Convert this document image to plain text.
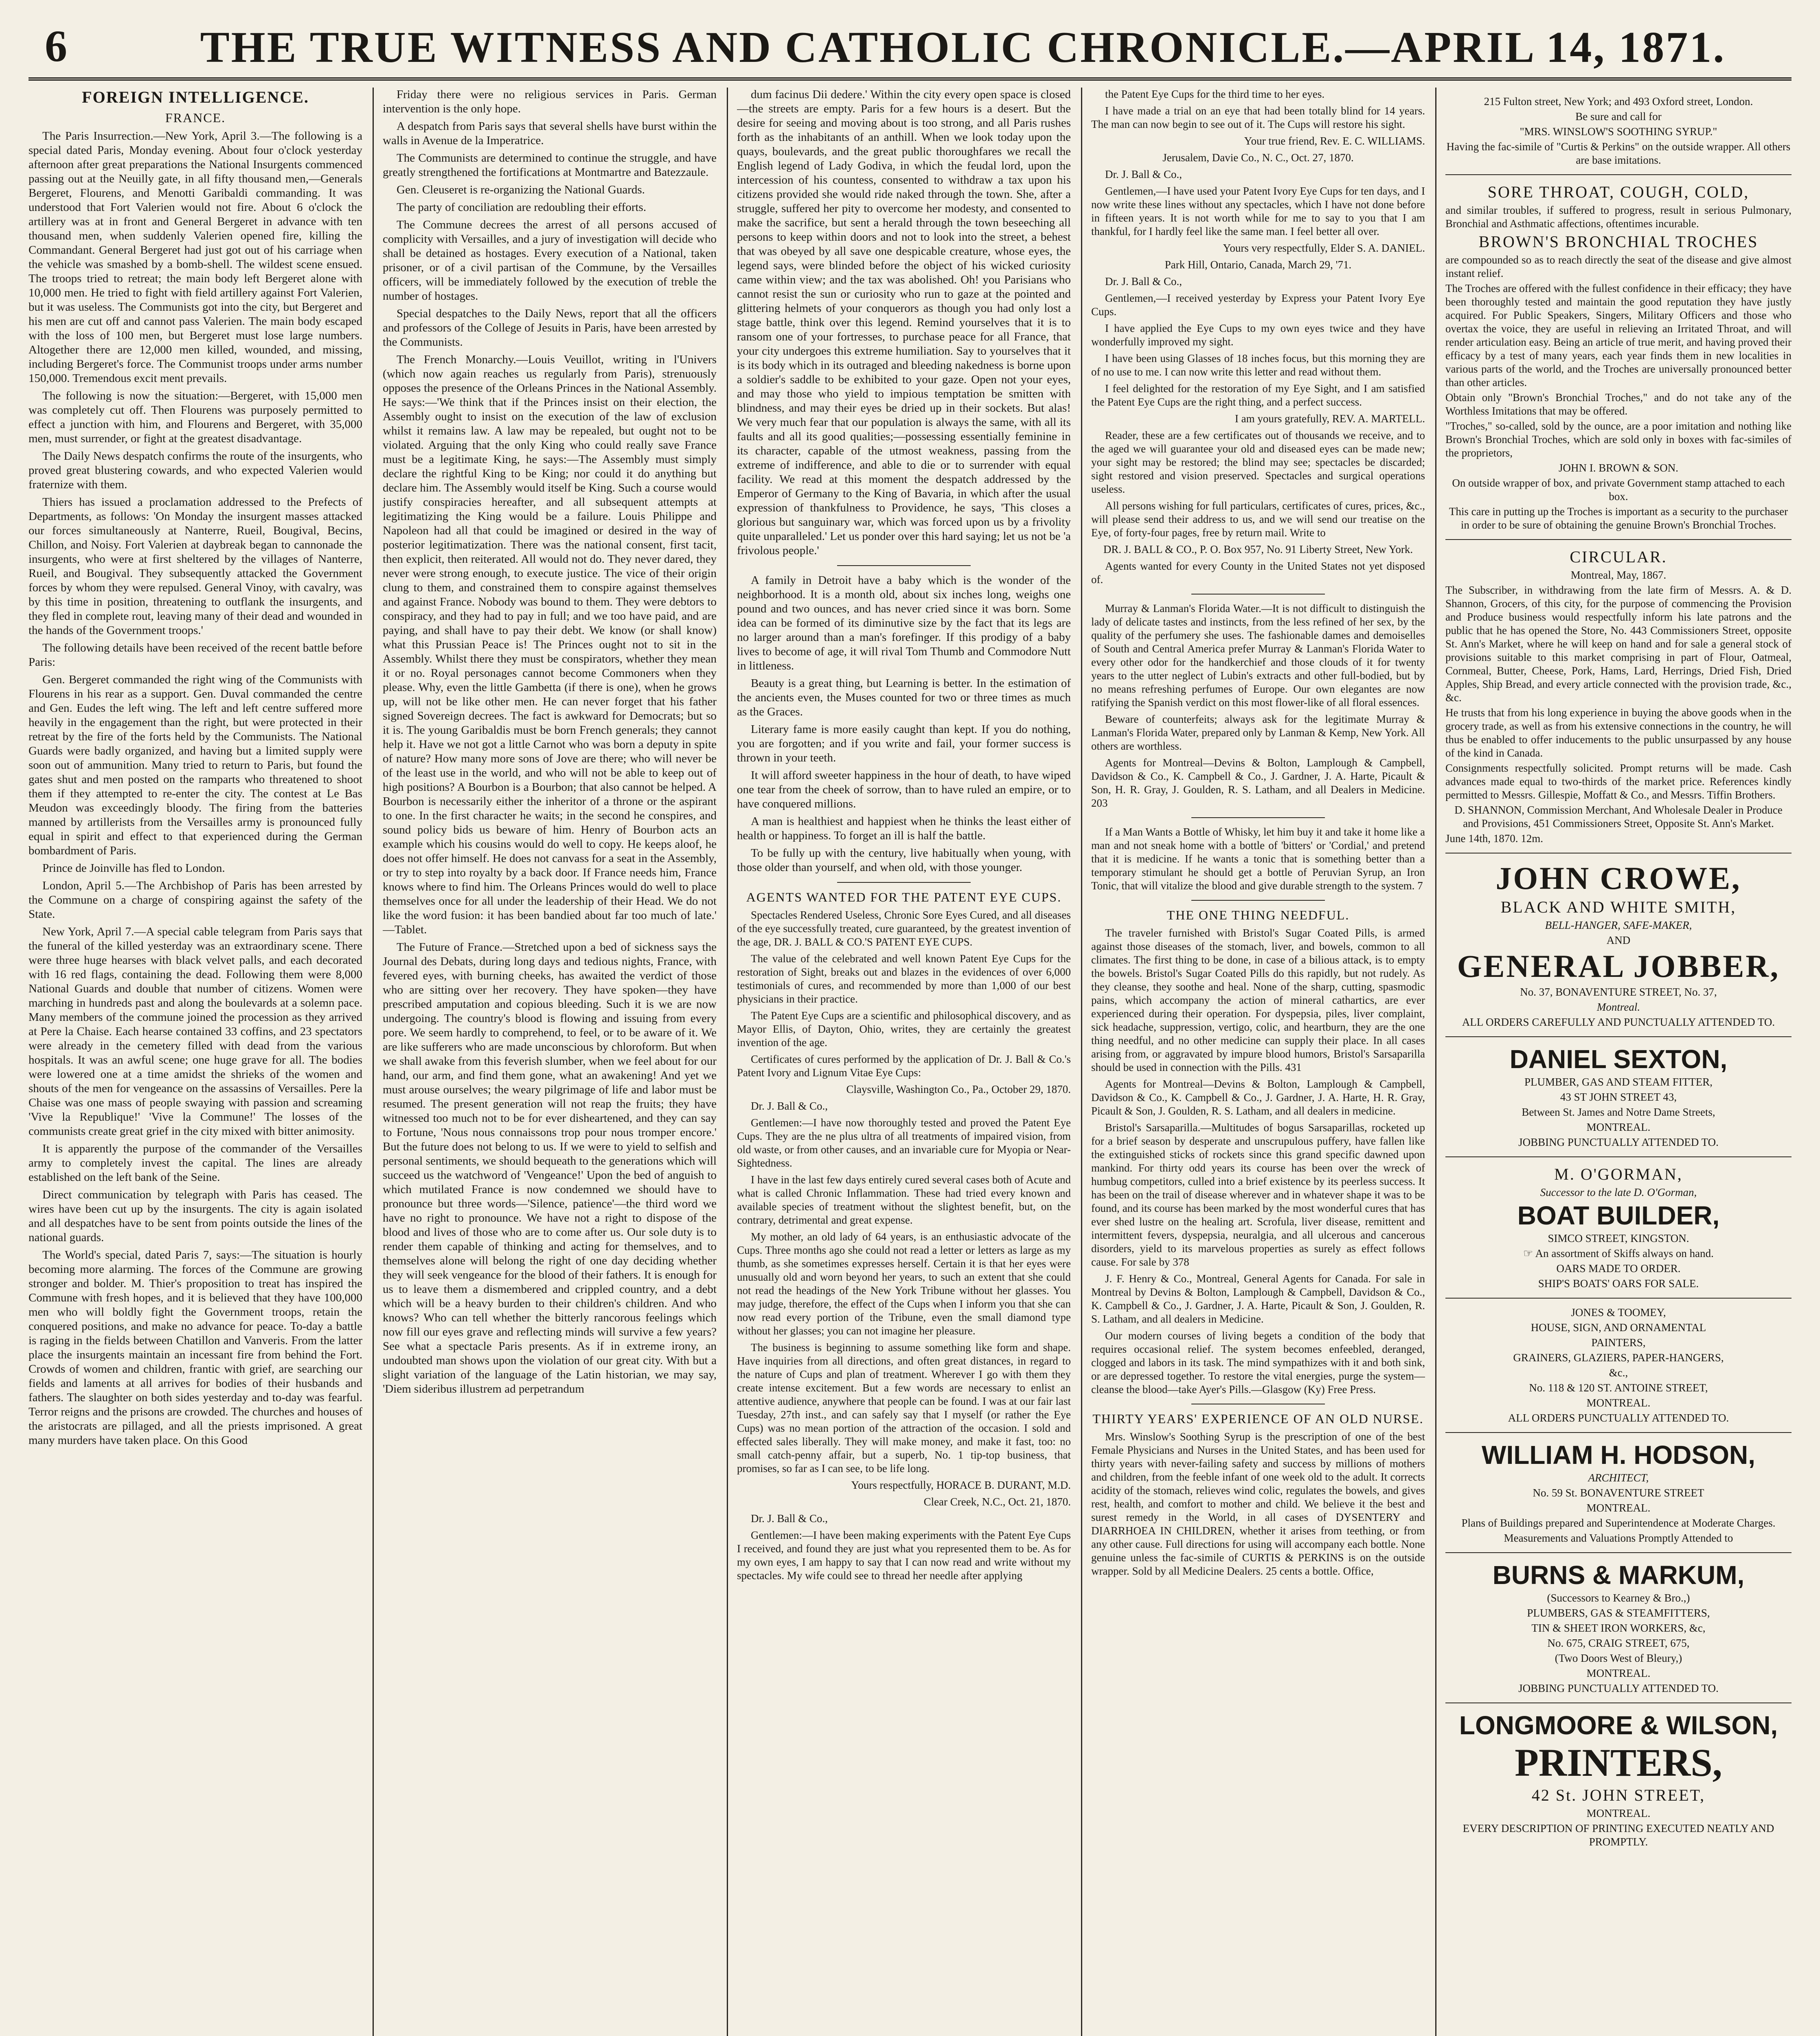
6	THE TRUE WITNESS AND CATHOLIC CHRONICLE.—APRIL 14, 1871.
FOREIGN INTELLIGENCE.
FRANCE.

The Paris Insurrection.—New York, April 3.—The following is a special dated Paris, Monday evening. About four o'clock yesterday afternoon after great preparations the National Insurgents commenced passing out at the Neuilly gate, in all fifty thousand men,—Generals Bergeret, Flourens, and Menotti Garibaldi commanding. It was understood that Fort Valerien would not fire. About 6 o'clock the artillery was at in front and General Bergeret in advance with ten thousand men, when suddenly Valerien opened fire, killing the Commandant. General Bergeret had just got out of his carriage when the vehicle was smashed by a bomb-shell. The wildest scene ensued. The troops tried to retreat; the main body left Bergeret alone with 10,000 men. He tried to fight with field artillery against Fort Valerien, but it was useless. The Communists got into the city, but Bergeret and his men are cut off and cannot pass Valerien. The main body escaped with the loss of 100 men, but Bergeret must lose large numbers. Altogether there are 12,000 men killed, wounded, and missing, including Bergeret's force. The Communist troops under arms number 150,000. Tremendous excit ment prevails.

The following is now the situation:—Bergeret, with 15,000 men was completely cut off. Then Flourens was purposely permitted to effect a junction with him, and Flourens and Bergeret, with 35,000 men, must surrender, or fight at the greatest disadvantage.

The Daily News despatch confirms the route of the insurgents, who proved great blustering cowards, and who expected Valerien would fraternize with them.

Thiers has issued a proclamation addressed to the Prefects of Departments, as follows: 'On Monday the insurgent masses attacked our forces simultaneously at Nanterre, Rueil, Bougival, Becins, Chillon, and Noisy. Fort Valerien at daybreak began to cannonade the insurgents, who were at first sheltered by the villages of Nanterre, Rueil, and Bougival. They subsequently attacked the Government forces by whom they were repulsed. General Vinoy, with cavalry, was by this time in position, threatening to outflank the insurgents, and they fled in complete rout, leaving many of their dead and wounded in the hands of the Government troops.'

The following details have been received of the recent battle before Paris:

Gen. Bergeret commanded the right wing of the Communists with Flourens in his rear as a support. Gen. Duval commanded the centre and Gen. Eudes the left wing. The left and left centre suffered more heavily in the engagement than the right, but were protected in their retreat by the fire of the forts held by the Communists. The National Guards were badly organized, and having but a limited supply were soon out of ammunition. Many tried to return to Paris, but found the gates shut and men posted on the ramparts who threatened to shoot them if they attempted to re-enter the city. The contest at Le Bas Meudon was exceedingly bloody. The firing from the batteries manned by artillerists from the Versailles army is pronounced fully equal in spirit and effect to that experienced during the German bombardment of Paris.

Prince de Joinville has fled to London.

London, April 5.—The Archbishop of Paris has been arrested by the Commune on a charge of conspiring against the safety of the State.

New York, April 7.—A special cable telegram from Paris says that the funeral of the killed yesterday was an extraordinary scene. There were three huge hearses with black velvet palls, and each decorated with 16 red flags, containing the dead. Following them were 8,000 National Guards and double that number of citizens. Women were marching in hundreds past and along the boulevards at a solemn pace. Many members of the commune joined the procession as they arrived at Pere la Chaise. Each hearse contained 33 coffins, and 23 spectators were already in the cemetery filled with dead from the various hospitals. It was an awful scene; one huge grave for all. The bodies were lowered one at a time amidst the shrieks of the women and shouts of the men for vengeance on the assassins of Versailles. Pere la Chaise was one mass of people swaying with passion and screaming 'Vive la Republique!' 'Vive la Commune!' The losses of the communists create great grief in the city mixed with bitter animosity.

It is apparently the purpose of the commander of the Versailles army to completely invest the capital. The lines are already established on the left bank of the Seine.

Direct communication by telegraph with Paris has ceased. The wires have been cut up by the insurgents. The city is again isolated and all despatches have to be sent from points outside the lines of the national guards.

The World's special, dated Paris 7, says:—The situation is hourly becoming more alarming. The forces of the Commune are growing stronger and bolder. M. Thier's proposition to treat has inspired the Commune with fresh hopes, and it is believed that they have 100,000 men who will boldly fight the Government troops, retain the conquered positions, and make no advance for peace. To-day a battle is raging in the fields between Chatillon and Vanveris. From the latter place the insurgents maintain an incessant fire from behind the Fort. Crowds of women and children, frantic with grief, are searching our fields and laments at all arrives for bodies of their husbands and fathers. The slaughter on both sides yesterday and to-day was fearful. Terror reigns and the prisons are crowded. The churches and houses of the aristocrats are pillaged, and all the priests imprisoned. A great many murders have taken place. On this Good

Friday there were no religious services in Paris. German intervention is the only hope.

A despatch from Paris says that several shells have burst within the walls in Avenue de la Imperatrice.

The Communists are determined to continue the struggle, and have greatly strengthened the fortifications at Montmartre and Batezzaule.

Gen. Cleuseret is re-organizing the National Guards.

The party of conciliation are redoubling their efforts.

The Commune decrees the arrest of all persons accused of complicity with Versailles, and a jury of investigation will decide who shall be detained as hostages. Every execution of a National, taken prisoner, or of a civil partisan of the Commune, by the Versailles officers, will be immediately followed by the execution of treble the number of hostages.

Special despatches to the Daily News, report that all the officers and professors of the College of Jesuits in Paris, have been arrested by the Communists.

The French Monarchy.—Louis Veuillot, writing in l'Univers (which now again reaches us regularly from Paris), strenuously opposes the presence of the Orleans Princes in the National Assembly. He says:—'We think that if the Princes insist on their election, the Assembly ought to insist on the execution of the law of exclusion whilst it remains law. A law may be repealed, but ought not to be violated. Arguing that the only King who could really save France must be a legitimate King, he says:—The Assembly must simply declare the rightful King to be King; nor could it do anything but declare him. The Assembly would itself be King. Such a course would justify conspiracies hereafter, and all subsequent attempts at legitimatizing the King would be a failure. Louis Philippe and Napoleon had all that could be imagined or desired in the way of posterior legitimatization. There was the national consent, first tacit, then explicit, then reiterated. All would not do. They never dared, they never were strong enough, to execute justice. The vice of their origin clung to them, and constrained them to conspire against themselves and against France. Nobody was bound to them. They were debtors to conspiracy, and they had to pay in full; and we too have paid, and are paying, and shall have to pay their debt. We know (or shall know) what this Prussian Peace is! The Princes ought not to sit in the Assembly. Whilst there they must be conspirators, whether they mean it or no. Royal personages cannot become Commoners when they please. Why, even the little Gambetta (if there is one), when he grows up, will not be like other men. He can never forget that his father signed Sovereign decrees. The fact is awkward for Democrats; but so it is. The young Garibaldis must be born French generals; they cannot help it. Have we not got a little Carnot who was born a deputy in spite of nature? How many more sons of Jove are there; who will never be of the least use in the world, and who will not be able to keep out of high positions? A Bourbon is a Bourbon; that also cannot be helped. A Bourbon is necessarily either the inheritor of a throne or the aspirant to one. In the first character he waits; in the second he conspires, and sound policy bids us beware of him. Henry of Bourbon acts an example which his cousins would do well to copy. He keeps aloof, he does not offer himself. He does not canvass for a seat in the Assembly, or try to step into royalty by a back door. If France needs him, France knows where to find him. The Orleans Princes would do well to place themselves once for all under the leadership of their Head. We do not like the word fusion: it has been bandied about far too much of late.' —Tablet.

The Future of France.—Stretched upon a bed of sickness says the Journal des Debats, during long days and tedious nights, France, with fevered eyes, with burning cheeks, has awaited the verdict of those who are sitting over her recovery. They have spoken—they have prescribed amputation and copious bleeding. Such it is we are now undergoing. The country's blood is flowing and issuing from every pore. We seem hardly to comprehend, to feel, or to be aware of it. We are like sufferers who are made unconscious by chloroform. But when we shall awake from this feverish slumber, when we feel about for our hand, our arm, and find them gone, what an awakening! And yet we must arouse ourselves; the weary pilgrimage of life and labor must be resumed. The present generation will not reap the fruits; they have witnessed too much not to be for ever disheartened, and they can say to Fortune, 'Nous nous connaissons trop pour nous tromper encore.' But the future does not belong to us. If we were to yield to selfish and personal sentiments, we should bequeath to the generations which will succeed us the watchword of 'Vengeance!' Upon the bed of anguish to which mutilated France is now condemned we should have to pronounce but three words—'Silence, patience'—the third word we have no right to pronounce. We have not a right to dispose of the blood and lives of those who are to come after us. Our sole duty is to render them capable of thinking and acting for themselves, and to themselves alone will belong the right of one day deciding whether they will seek vengeance for the blood of their fathers. It is enough for us to leave them a dismembered and crippled country, and a debt which will be a heavy burden to their children's children. And who knows? Who can tell whether the bitterly rancorous feelings which now fill our eyes grave and reflecting minds will survive a few years? See what a spectacle Paris presents. As if in extreme irony, an undoubted man shows upon the violation of our great city. With but a slight variation of the language of the Latin historian, we may say, 'Diem sideribus illustrem ad perpetrandum

dum facinus Dii dedere.' Within the city every open space is closed—the streets are empty. Paris for a few hours is a desert. But the desire for seeing and moving about is too strong, and all Paris rushes forth as the inhabitants of an anthill. When we look today upon the quays, boulevards, and the great public thoroughfares we recall the English legend of Lady Godiva, in which the feudal lord, upon the intercession of his countess, consented to withdraw a tax upon his citizens provided she would ride naked through the town. She, after a struggle, suffered her pity to overcome her modesty, and consented to make the sacrifice, but sent a herald through the town beseeching all persons to keep within doors and not to look into the street, a behest that was obeyed by all save one despicable creature, whose eyes, the legend says, were blinded before the object of his wicked curiosity came within view; and the tax was abolished. Oh! you Parisians who cannot resist the sun or curiosity who run to gaze at the pointed and glittering helmets of your conquerors as though you had only lost a stage battle, think over this legend. Remind yourselves that it is to ransom one of your fortresses, to purchase peace for all France, that your city undergoes this extreme humiliation. Say to yourselves that it is its body which in its outraged and bleeding nakedness is borne upon a soldier's saddle to be exhibited to your gaze. Open not your eyes, and may those who yield to impious temptation be smitten with blindness, and may their eyes be dried up in their sockets. But alas! We very much fear that our population is always the same, with all its faults and all its good qualities;—possessing essentially feminine in its character, capable of the utmost weakness, passing from the extreme of indifference, and able to die or to surrender with equal facility. We read at this moment the despatch addressed by the Emperor of Germany to the King of Bavaria, in which after the usual expression of thankfulness to Providence, he says, 'This closes a glorious but sanguinary war, which was forced upon us by a frivolity quite unparalleled.' Let us ponder over this hard saying; let us not be 'a frivolous people.'

A family in Detroit have a baby which is the wonder of the neighborhood. It is a month old, about six inches long, weighs one pound and two ounces, and has never cried since it was born. Some idea can be formed of its diminutive size by the fact that its legs are no larger around than a man's forefinger. If this prodigy of a baby lives to become of age, it will rival Tom Thumb and Commodore Nutt in littleness.

Beauty is a great thing, but Learning is better. In the estimation of the ancients even, the Muses counted for two or three times as much as the Graces.

Literary fame is more easily caught than kept. If you do nothing, you are forgotten; and if you write and fail, your former success is thrown in your teeth.

It will afford sweeter happiness in the hour of death, to have wiped one tear from the cheek of sorrow, than to have ruled an empire, or to have conquered millions.

A man is healthiest and happiest when he thinks the least either of health or happiness. To forget an ill is half the battle.

To be fully up with the century, live habitually when young, with those older than yourself, and when old, with those younger.

AGENTS WANTED FOR THE PATENT EYE CUPS.

Spectacles Rendered Useless, Chronic Sore Eyes Cured, and all diseases of the eye successfully treated, cure guaranteed, by the greatest invention of the age, DR. J. BALL & CO.'S PATENT EYE CUPS.

The value of the celebrated and well known Patent Eye Cups for the restoration of Sight, breaks out and blazes in the evidences of over 6,000 testimonials of cures, and recommended by more than 1,000 of our best physicians in their practice.

The Patent Eye Cups are a scientific and philosophical discovery, and as Mayor Ellis, of Dayton, Ohio, writes, they are certainly the greatest invention of the age.

Certificates of cures performed by the application of Dr. J. Ball & Co.'s Patent Ivory and Lignum Vitae Eye Cups:

Claysville, Washington Co., Pa., October 29, 1870.

Dr. J. Ball & Co.,

Gentlemen:—I have now thoroughly tested and proved the Patent Eye Cups. They are the ne plus ultra of all treatments of impaired vision, from old waste, or from other causes, and an invariable cure for Myopia or Near-Sightedness.

I have in the last few days entirely cured several cases both of Acute and what is called Chronic Inflammation. These had tried every known and available species of treatment without the slightest benefit, but, on the contrary, detrimental and great expense.

My mother, an old lady of 64 years, is an enthusiastic advocate of the Cups. Three months ago she could not read a letter or letters as large as my thumb, as she sometimes expresses herself. Certain it is that her eyes were unusually old and worn beyond her years, to such an extent that she could not read the headings of the New York Tribune without her glasses. You may judge, therefore, the effect of the Cups when I inform you that she can now read every portion of the Tribune, even the small diamond type without her glasses; you can not imagine her pleasure.

The business is beginning to assume something like form and shape. Have inquiries from all directions, and often great distances, in regard to the nature of Cups and plan of treatment. Wherever I go with them they create intense excitement. But a few words are necessary to enlist an attentive audience, anywhere that people can be found. I was at our fair last Tuesday, 27th inst., and can safely say that I myself (or rather the Eye Cups) was no mean portion of the attraction of the occasion. I sold and effected sales liberally. They will make money, and make it fast, too: no small catch-penny affair, but a superb, No. 1 tip-top business, that promises, so far as I can see, to be life long.

Yours respectfully, HORACE B. DURANT, M.D.

Clear Creek, N.C., Oct. 21, 1870.

Dr. J. Ball & Co.,

Gentlemen:—I have been making experiments with the Patent Eye Cups I received, and found they are just what you represented them to be. As for my own eyes, I am happy to say that I can now read and write without my spectacles. My wife could see to thread her needle after applying

the Patent Eye Cups for the third time to her eyes.

I have made a trial on an eye that had been totally blind for 14 years. The man can now begin to see out of it. The Cups will restore his sight.

Your true friend, Rev. E. C. WILLIAMS.

Jerusalem, Davie Co., N. C., Oct. 27, 1870.

Dr. J. Ball & Co.,

Gentlemen,—I have used your Patent Ivory Eye Cups for ten days, and I now write these lines without any spectacles, which I have not done before in fifteen years. It is not worth while for me to say to you that I am thankful, for I hardly feel like the same man. I feel better all over.

Yours very respectfully, Elder S. A. DANIEL.

Park Hill, Ontario, Canada, March 29, '71.

Dr. J. Ball & Co.,

Gentlemen,—I received yesterday by Express your Patent Ivory Eye Cups.

I have applied the Eye Cups to my own eyes twice and they have wonderfully improved my sight.

I have been using Glasses of 18 inches focus, but this morning they are of no use to me. I can now write this letter and read without them.

I feel delighted for the restoration of my Eye Sight, and I am satisfied the Patent Eye Cups are the right thing, and a perfect success.

I am yours gratefully, REV. A. MARTELL.

Reader, these are a few certificates out of thousands we receive, and to the aged we will guarantee your old and diseased eyes can be made new; your sight may be restored; the blind may see; spectacles be discarded; sight restored and vision preserved. Spectacles and surgical operations useless.

All persons wishing for full particulars, certificates of cures, prices, &c., will please send their address to us, and we will send our treatise on the Eye, of forty-four pages, free by return mail. Write to

DR. J. BALL & CO., P. O. Box 957, No. 91 Liberty Street, New York.

Agents wanted for every County in the United States not yet disposed of.

Murray & Lanman's Florida Water.—It is not difficult to distinguish the lady of delicate tastes and instincts, from the less refined of her sex, by the quality of the perfumery she uses. The fashionable dames and demoiselles of South and Central America prefer Murray & Lanman's Florida Water to every other odor for the handkerchief and those clouds of it for twenty years to the utter neglect of Lubin's extracts and other full-bodied, but by no means refreshing perfumes of Europe. Our own elegantes are now ratifying the Spanish verdict on this most flower-like of all floral essences.

Beware of counterfeits; always ask for the legitimate Murray & Lanman's Florida Water, prepared only by Lanman & Kemp, New York. All others are worthless.

Agents for Montreal—Devins & Bolton, Lamplough & Campbell, Davidson & Co., K. Campbell & Co., J. Gardner, J. A. Harte, Picault & Son, H. R. Gray, J. Goulden, R. S. Latham, and all Dealers in Medicine. 203

If a Man Wants a Bottle of Whisky, let him buy it and take it home like a man and not sneak home with a bottle of 'bitters' or 'Cordial,' and pretend that it is medicine. If he wants a tonic that is something better than a temporary stimulant he should get a bottle of Peruvian Syrup, an Iron Tonic, that will vitalize the blood and give durable strength to the system. 7

THE ONE THING NEEDFUL.

The traveler furnished with Bristol's Sugar Coated Pills, is armed against those diseases of the stomach, liver, and bowels, common to all climates. The first thing to be done, in case of a bilious attack, is to empty the bowels. Bristol's Sugar Coated Pills do this rapidly, but not rudely. As they cleanse, they soothe and heal. None of the sharp, cutting, spasmodic pains, which accompany the action of mineral cathartics, are ever experienced during their operation. For dyspepsia, piles, liver complaint, sick headache, suppression, vertigo, colic, and heartburn, they are the one thing needful, and no other medicine can supply their place. In all cases arising from, or aggravated by impure blood humors, Bristol's Sarsaparilla should be used in connection with the Pills. 431

Agents for Montreal—Devins & Bolton, Lamplough & Campbell, Davidson & Co., K. Campbell & Co., J. Gardner, J. A. Harte, H. R. Gray, Picault & Son, J. Goulden, R. S. Latham, and all dealers in medicine.

Bristol's Sarsaparilla.—Multitudes of bogus Sarsaparillas, rocketed up for a brief season by desperate and unscrupulous puffery, have fallen like the extinguished sticks of rockets since this grand specific dawned upon mankind. For thirty odd years its course has been over the wreck of humbug competitors, culled into a brief existence by its peerless success. It has been on the trail of disease wherever and in whatever shape it was to be found, and its course has been marked by the most wonderful cures that has ever shed lustre on the healing art. Scrofula, liver disease, remittent and intermittent fevers, dyspepsia, neuralgia, and all ulcerous and cancerous disorders, yield to its marvelous properties as surely as effect follows cause. For sale by 378

J. F. Henry & Co., Montreal, General Agents for Canada. For sale in Montreal by Devins & Bolton, Lamplough & Campbell, Davidson & Co., K. Campbell & Co., J. Gardner, J. A. Harte, Picault & Son, J. Goulden, R. S. Latham, and all dealers in Medicine.

Our modern courses of living begets a condition of the body that requires occasional relief. The system becomes enfeebled, deranged, clogged and labors in its task. The mind sympathizes with it and both sink, or are depressed together. To restore the vital energies, purge the system—cleanse the blood—take Ayer's Pills.—Glasgow (Ky) Free Press.

THIRTY YEARS' EXPERIENCE OF AN OLD NURSE.

Mrs. Winslow's Soothing Syrup is the prescription of one of the best Female Physicians and Nurses in the United States, and has been used for thirty years with never-failing safety and success by millions of mothers and children, from the feeble infant of one week old to the adult. It corrects acidity of the stomach, relieves wind colic, regulates the bowels, and gives rest, health, and comfort to mother and child. We believe it the best and surest remedy in the World, in all cases of DYSENTERY and DIARRHOEA IN CHILDREN, whether it arises from teething, or from any other cause. Full directions for using will accompany each bottle. None genuine unless the fac-simile of CURTIS & PERKINS is on the outside wrapper. Sold by all Medicine Dealers. 25 cents a bottle. Office,

215 Fulton street, New York; and 493 Oxford street, London.

Be sure and call for

"MRS. WINSLOW'S SOOTHING SYRUP."

Having the fac-simile of "Curtis & Perkins" on the outside wrapper. All others are base imitations.

SORE THROAT, COUGH, COLD,

and similar troubles, if suffered to progress, result in serious Pulmonary, Bronchial and Asthmatic affections, oftentimes incurable.

BROWN'S BRONCHIAL TROCHES

are compounded so as to reach directly the seat of the disease and give almost instant relief.

The Troches are offered with the fullest confidence in their efficacy; they have been thoroughly tested and maintain the good reputation they have justly acquired. For Public Speakers, Singers, Military Officers and those who overtax the voice, they are useful in relieving an Irritated Throat, and will render articulation easy. Being an article of true merit, and having proved their efficacy by a test of many years, each year finds them in new localities in various parts of the world, and the Troches are universally pronounced better than other articles.

Obtain only "Brown's Bronchial Troches," and do not take any of the Worthless Imitations that may be offered.

"Troches," so-called, sold by the ounce, are a poor imitation and nothing like Brown's Bronchial Troches, which are sold only in boxes with fac-similes of the proprietors,

JOHN I. BROWN & SON.

On outside wrapper of box, and private Government stamp attached to each box.

This care in putting up the Troches is important as a security to the purchaser in order to be sure of obtaining the genuine Brown's Bronchial Troches.

CIRCULAR.

Montreal, May, 1867.

The Subscriber, in withdrawing from the late firm of Messrs. A. & D. Shannon, Grocers, of this city, for the purpose of commencing the Provision and Produce business would respectfully inform his late patrons and the public that he has opened the Store, No. 443 Commissioners Street, opposite St. Ann's Market, where he will keep on hand and for sale a general stock of provisions suitable to this market comprising in part of Flour, Oatmeal, Cornmeal, Butter, Cheese, Pork, Hams, Lard, Herrings, Dried Fish, Dried Apples, Ship Bread, and every article connected with the provision trade, &c., &c.

He trusts that from his long experience in buying the above goods when in the grocery trade, as well as from his extensive connections in the country, he will thus be enabled to offer inducements to the public unsurpassed by any house of the kind in Canada.

Consignments respectfully solicited. Prompt returns will be made. Cash advances made equal to two-thirds of the market price. References kindly permitted to Messrs. Gillespie, Moffatt & Co., and Messrs. Tiffin Brothers.

D. SHANNON, Commission Merchant, And Wholesale Dealer in Produce and Provisions, 451 Commissioners Street, Opposite St. Ann's Market.

June 14th, 1870. 12m.

JOHN CROWE,

BLACK AND WHITE SMITH,

BELL-HANGER, SAFE-MAKER,

AND

GENERAL JOBBER,

No. 37, BONAVENTURE STREET, No. 37,

Montreal.

ALL ORDERS CAREFULLY AND PUNCTUALLY ATTENDED TO.

DANIEL SEXTON,

PLUMBER, GAS AND STEAM FITTER,

43 ST JOHN STREET 43,

Between St. James and Notre Dame Streets,

MONTREAL.

JOBBING PUNCTUALLY ATTENDED TO.

M. O'GORMAN,

Successor to the late D. O'Gorman,

BOAT BUILDER,

SIMCO STREET, KINGSTON.

☞ An assortment of Skiffs always on hand.

OARS MADE TO ORDER.

SHIP'S BOATS' OARS FOR SALE.

JONES & TOOMEY,

HOUSE, SIGN, AND ORNAMENTAL

PAINTERS,

GRAINERS, GLAZIERS, PAPER-HANGERS,

&c.,

No. 118 & 120 ST. ANTOINE STREET,

MONTREAL.

ALL ORDERS PUNCTUALLY ATTENDED TO.

WILLIAM H. HODSON,

ARCHITECT,

No. 59 St. BONAVENTURE STREET

MONTREAL.

Plans of Buildings prepared and Superintendence at Moderate Charges.

Measurements and Valuations Promptly Attended to

BURNS & MARKUM,

(Successors to Kearney & Bro.,)

PLUMBERS, GAS & STEAMFITTERS,

TIN & SHEET IRON WORKERS, &c,

No. 675, CRAIG STREET, 675,

(Two Doors West of Bleury,)

MONTREAL.

JOBBING PUNCTUALLY ATTENDED TO.

LONGMOORE & WILSON,

PRINTERS,

42 St. JOHN STREET,

MONTREAL.

EVERY DESCRIPTION OF PRINTING EXECUTED NEATLY AND PROMPTLY.
